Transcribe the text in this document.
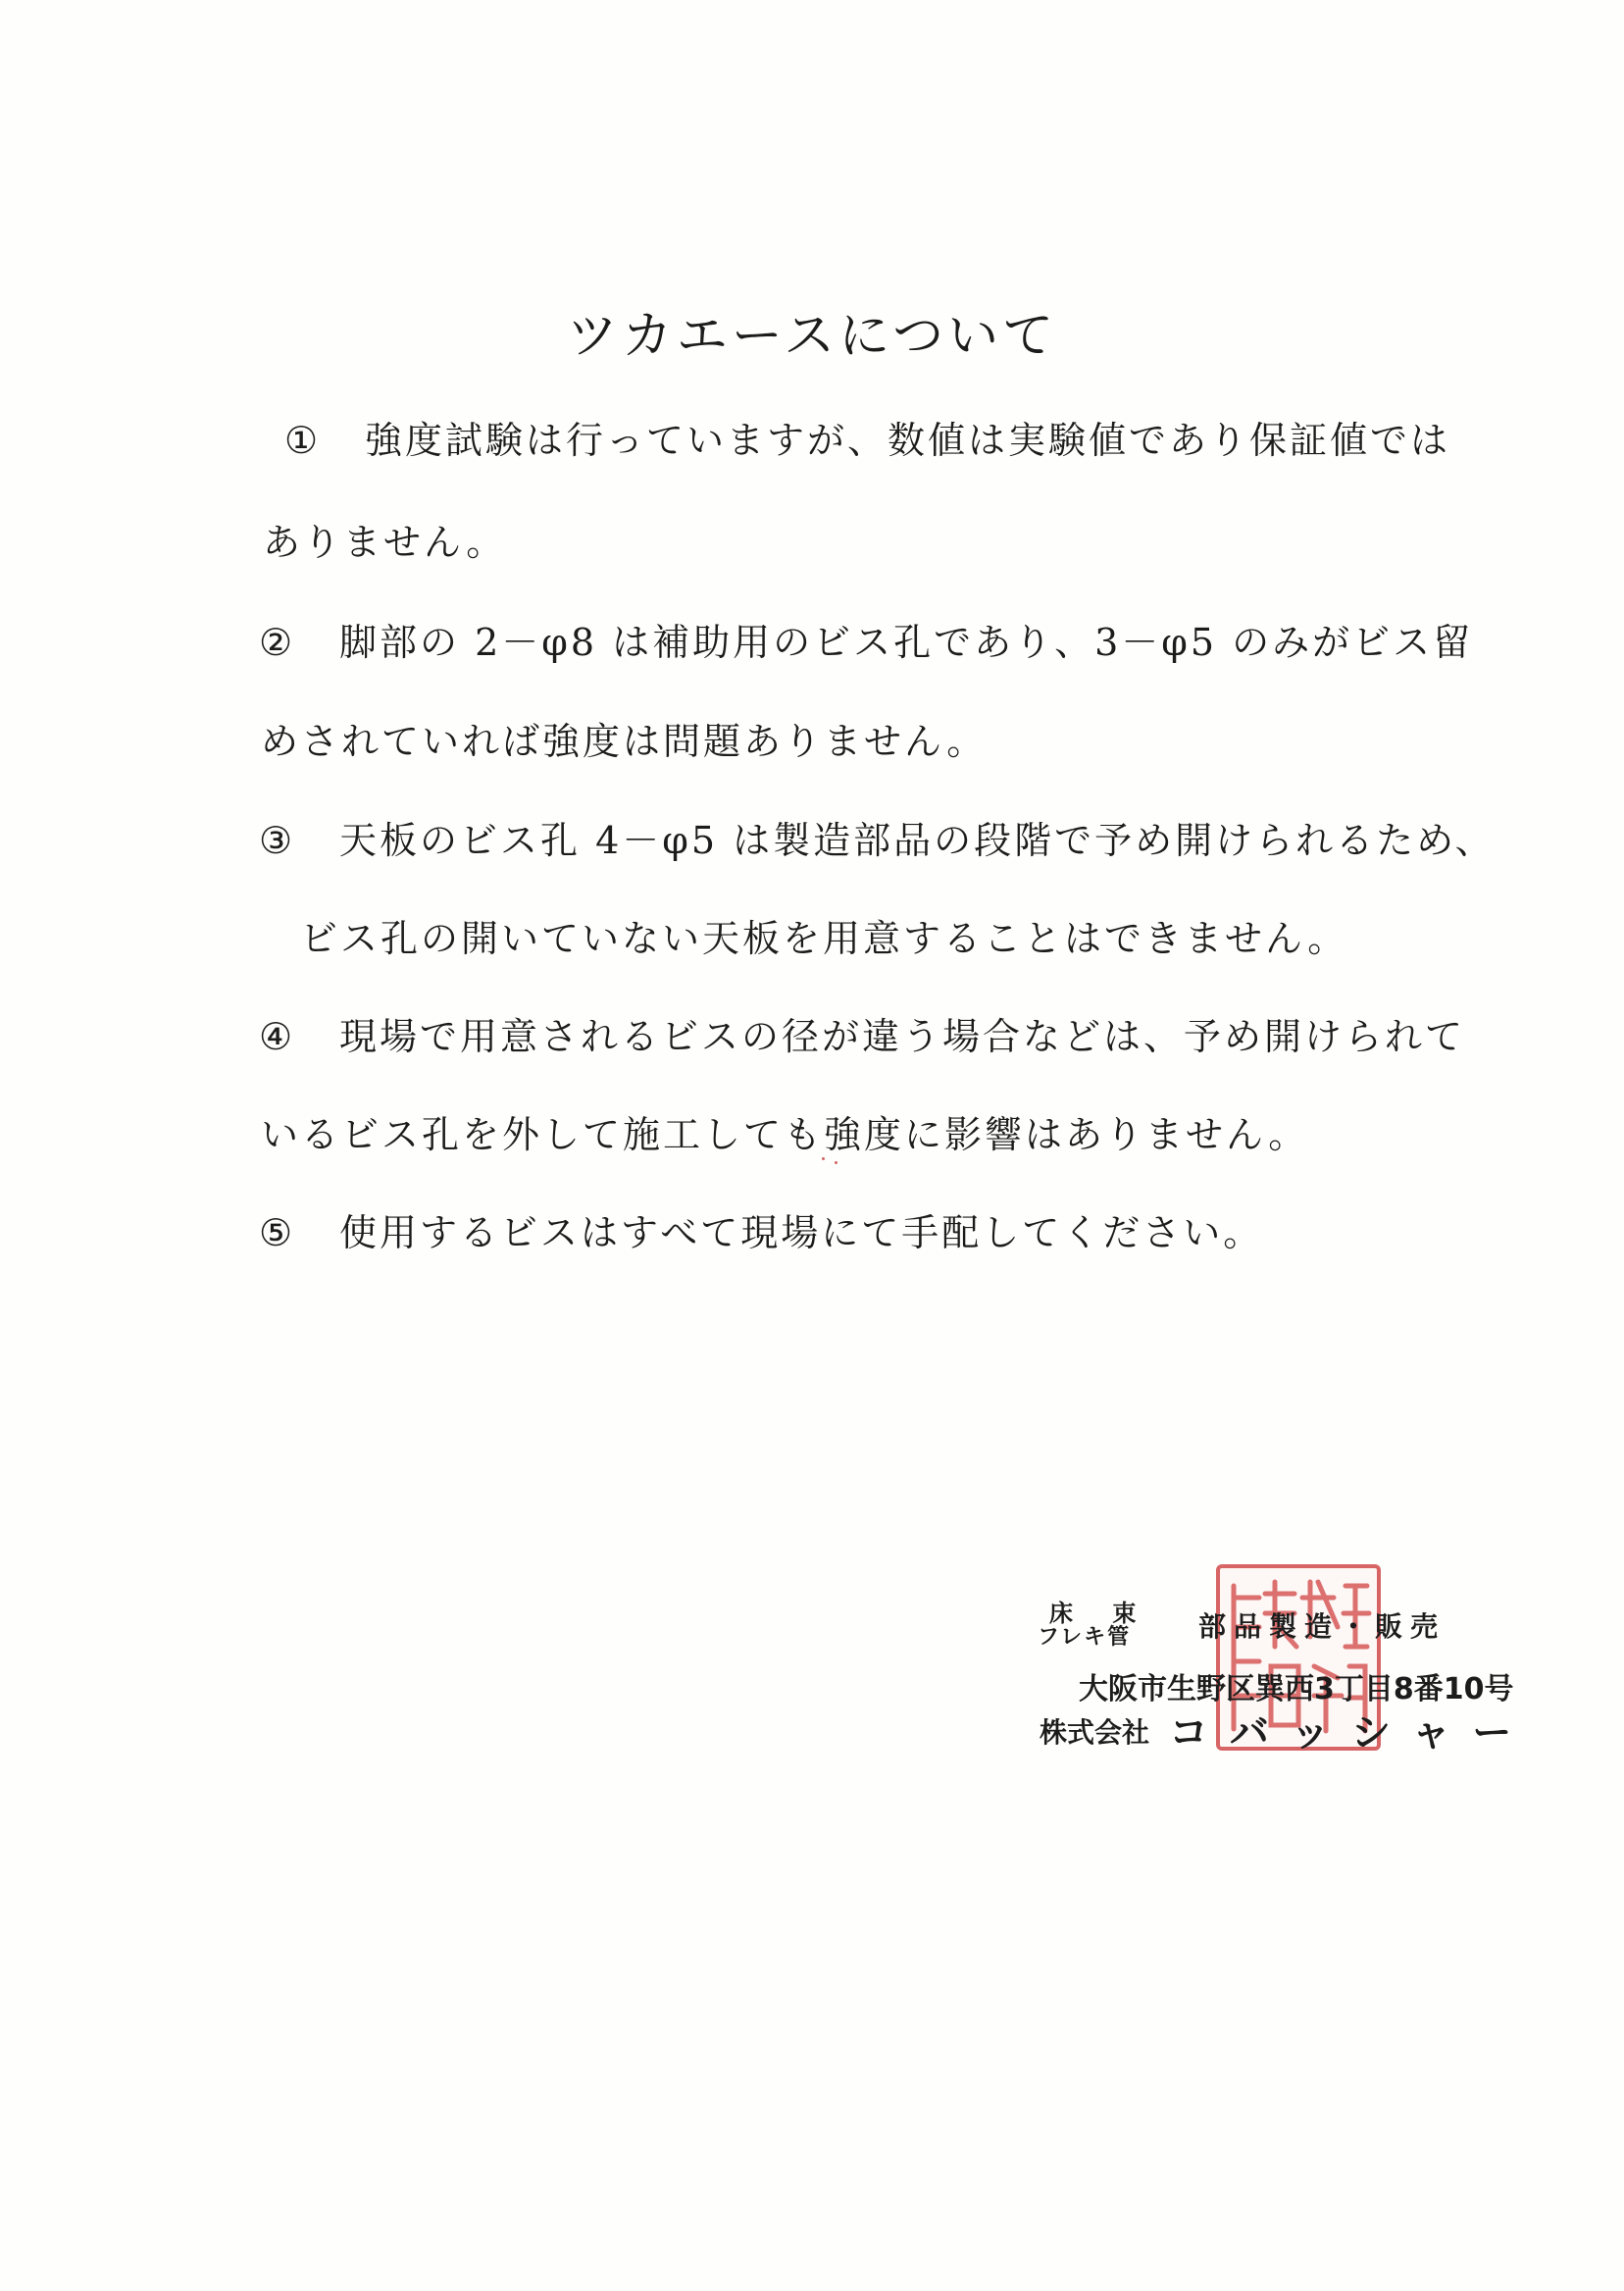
ツカエースについて
① 強度試験は行っていますが、数値は実験値であり保証値では
ありません。
② 脚部の 2－φ8 は補助用のビス孔であり、3－φ5 のみがビス留
めされていれば強度は問題ありません。
③ 天板のビス孔 4－φ5 は製造部品の段階で予め開けられるため、
ビス孔の開いていない天板を用意することはできません。
④ 現場で用意されるビスの径が違う場合などは、予め開けられて
いるビス孔を外して施工しても強度に影響はありません。
⑤ 使用するビスはすべて現場にて手配してください。
床 束
フレキ管 部品製造・販売
大阪市生野区巽西3丁目8番10号
株式会社 コバッシャー
